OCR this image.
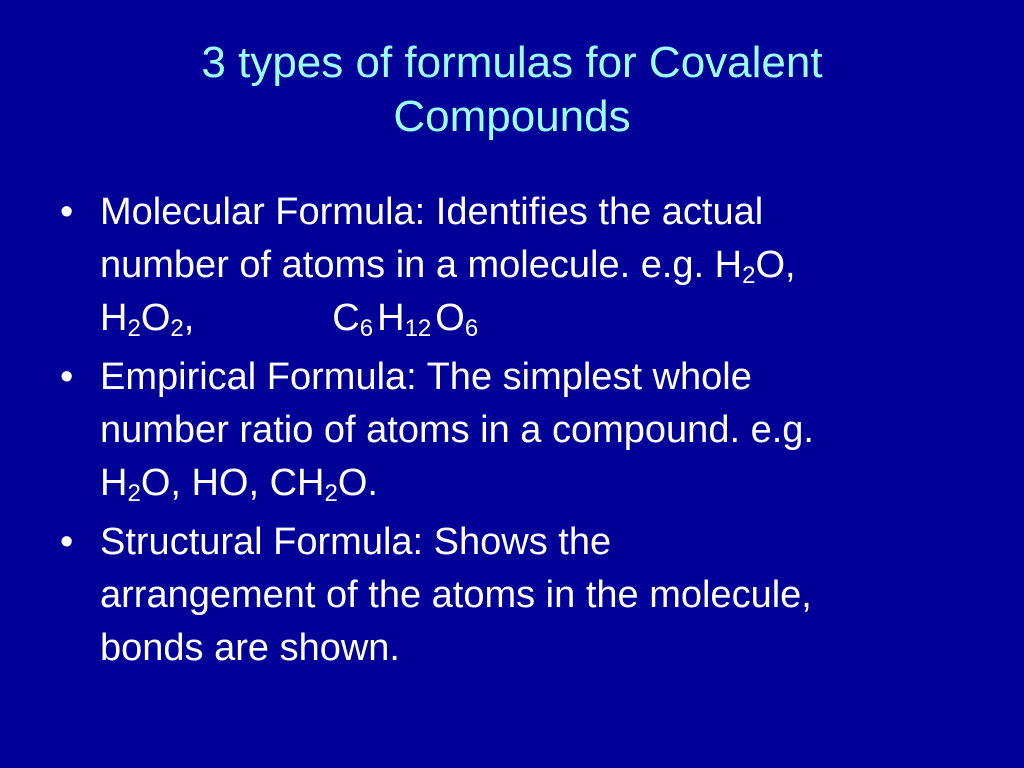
3 types of formulas for Covalent
Compounds
• Molecular Formula: Identifies the actual
number of atoms in a molecule. e.g. $H_2O$,
$H_2O_2$,	$C_6$ $H_{12}$ $O_6$
• Empirical Formula: The simplest whole
number ratio of atoms in a compound. e.g.
$H_2O$, HO, $CH_2O$.
• Structural Formula: Shows the
arrangement of the atoms in the molecule,
bonds are shown.
